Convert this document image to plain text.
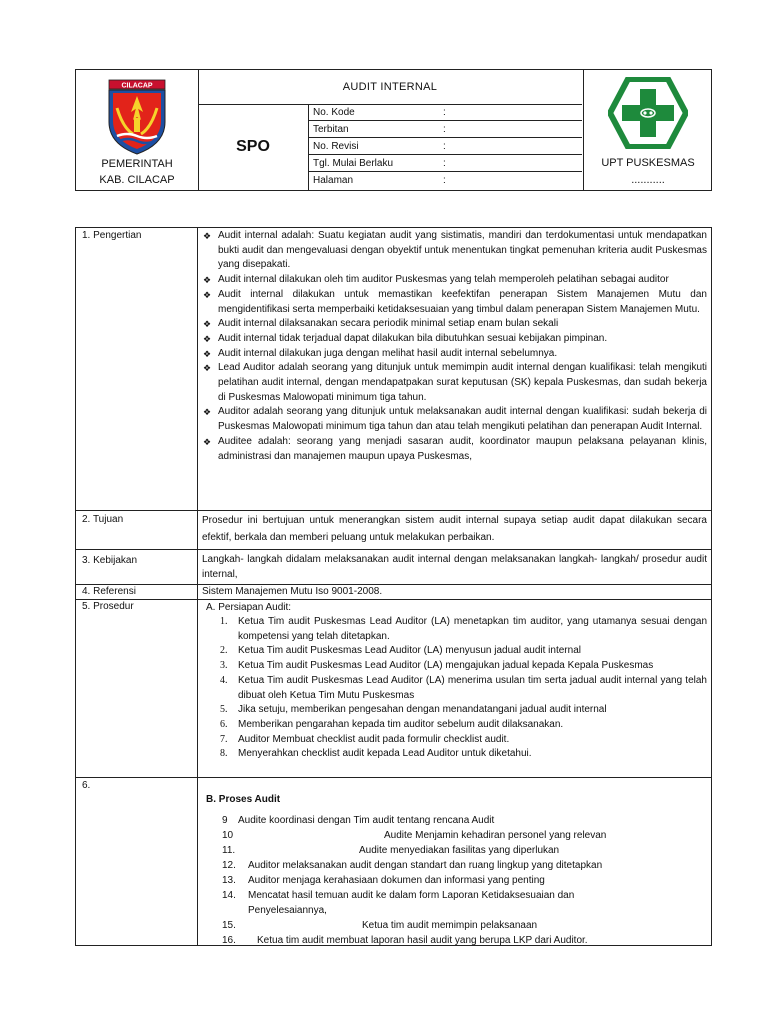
CILACAP
PEMERINTAH
KAB. CILACAP
AUDIT INTERNAL
SPO
No. Kode	:
Terbitan	:
No. Revisi	:
Tgl. Mulai Berlaku	:
Halaman	:
UPT PUSKESMAS
...........
1. Pengertian
❖	Audit internal adalah: Suatu kegiatan audit yang sistimatis, mandiri dan terdokumentasi untuk mendapatkan bukti audit dan mengevaluasi dengan obyektif untuk menentukan tingkat pemenuhan kriteria audit Puskesmas yang disepakati.
❖ Audit internal dilakukan oleh tim auditor Puskesmas yang telah memperoleh pelatihan sebagai auditor
❖ Audit internal dilakukan untuk memastikan keefektifan penerapan Sistem Manajemen Mutu dan mengidentifikasi serta memperbaiki ketidaksesuaian yang timbul dalam penerapan Sistem Manajemen Mutu.
❖ Audit internal dilaksanakan secara periodik minimal setiap enam bulan sekali
❖ Audit internal tidak terjadual dapat dilakukan bila dibutuhkan sesuai kebijakan pimpinan.
❖ Audit internal dilakukan juga dengan melihat hasil audit internal sebelumnya.
❖ Lead Auditor adalah seorang yang ditunjuk untuk memimpin audit internal dengan kualifikasi: telah mengikuti pelatihan audit internal, dengan mendapatpakan surat keputusan (SK) kepala Puskesmas, dan sudah bekerja di Puskesmas Malowopati minimum tiga tahun.
❖ Auditor adalah seorang yang ditunjuk untuk melaksanakan audit internal dengan kualifikasi: sudah bekerja di Puskesmas Malowopati minimum tiga tahun dan atau telah mengikuti pelatihan dan penerapan Audit Internal.
❖ Auditee adalah: seorang yang menjadi sasaran audit, koordinator maupun pelaksana pelayanan klinis, administrasi dan manajemen maupun upaya Puskesmas,
2. Tujuan	Prosedur ini bertujuan untuk menerangkan sistem audit internal supaya setiap audit dapat dilakukan secara efektif, berkala dan memberi peluang untuk melakukan perbaikan.
3. Kebijakan	Langkah- langkah didalam melaksanakan audit internal dengan melaksanakan langkah- langkah/ prosedur audit internal,
4. Referensi	Sistem Manajemen Mutu Iso 9001-2008.
5. Prosedur	A. Persiapan Audit:
1. Ketua Tim audit Puskesmas Lead Auditor (LA) menetapkan tim auditor, yang utamanya sesuai dengan kompetensi yang telah ditetapkan.
2. Ketua Tim audit Puskesmas Lead Auditor (LA) menyusun jadual audit internal
3. Ketua Tim audit Puskesmas Lead Auditor (LA) mengajukan jadual kepada Kepala Puskesmas
4. Ketua Tim audit Puskesmas Lead Auditor (LA) menerima usulan tim serta jadual audit internal yang telah dibuat oleh Ketua Tim Mutu Puskesmas
5. Jika setuju, memberikan pengesahan dengan menandatangani jadual audit internal
6. Memberikan pengarahan kepada tim auditor sebelum audit dilaksanakan.
7. Auditor Membuat checklist audit pada formulir checklist audit.
8. Menyerahkan checklist audit kepada Lead Auditor untuk diketahui.
6.
B. Proses Audit
9 Audite koordinasi dengan Tim audit tentang rencana Audit
10	Audite Menjamin kehadiran personel yang relevan
11.	Audite menyediakan fasilitas yang diperlukan
12. Auditor melaksanakan audit dengan standart dan ruang lingkup yang ditetapkan
13. Auditor menjaga kerahasiaan dokumen dan informasi yang penting
14. Mencatat hasil temuan audit ke dalam form Laporan Ketidaksesuaian dan Penyelesaiannya,
15.	Ketua tim audit memimpin pelaksanaan
16. Ketua tim audit membuat laporan hasil audit yang berupa LKP dari Auditor.
